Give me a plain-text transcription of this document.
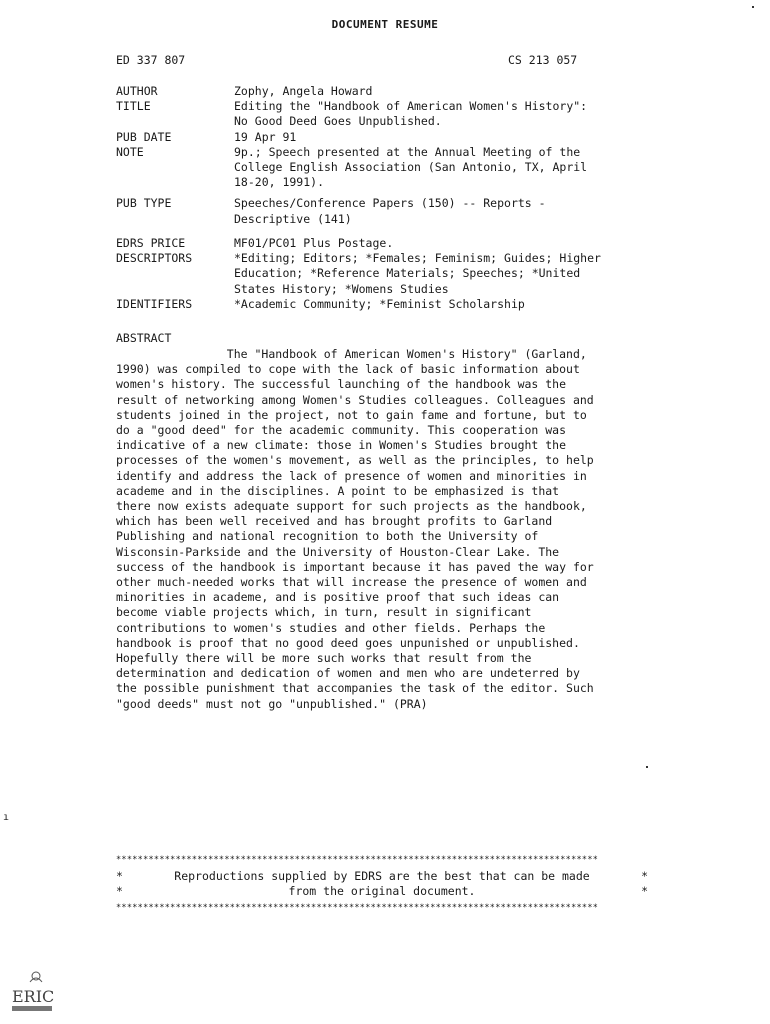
DOCUMENT RESUME
ED 337 807	CS 213 057
AUTHOR	Zophy, Angela Howard
TITLE	Editing the "Handbook of American Women's History":
No Good Deed Goes Unpublished.
PUB DATE	19 Apr 91
NOTE	9p.; Speech presented at the Annual Meeting of the
College English Association (San Antonio, TX, April
18-20, 1991).
PUB TYPE	Speeches/Conference Papers (150) -- Reports -
Descriptive (141)
EDRS PRICE	MF01/PC01 Plus Postage.
DESCRIPTORS	*Editing; Editors; *Females; Feminism; Guides; Higher
Education; *Reference Materials; Speeches; *United
States History; *Womens Studies
IDENTIFIERS	*Academic Community; *Feminist Scholarship
ABSTRACT
The "Handbook of American Women's History" (Garland,
1990) was compiled to cope with the lack of basic information about
women's history. The successful launching of the handbook was the
result of networking among Women's Studies colleagues. Colleagues and
students joined in the project, not to gain fame and fortune, but to
do a "good deed" for the academic community. This cooperation was
indicative of a new climate: those in Women's Studies brought the
processes of the women's movement, as well as the principles, to help
identify and address the lack of presence of women and minorities in
academe and in the disciplines. A point to be emphasized is that
there now exists adequate support for such projects as the handbook,
which has been well received and has brought profits to Garland
Publishing and national recognition to both the University of
Wisconsin-Parkside and the University of Houston-Clear Lake. The
success of the handbook is important because it has paved the way for
other much-needed works that will increase the presence of women and
minorities in academe, and is positive proof that such ideas can
become viable projects which, in turn, result in significant
contributions to women's studies and other fields. Perhaps the
handbook is proof that no good deed goes unpunished or unpublished.
Hopefully there will be more such works that result from the
determination and dedication of women and men who are undeterred by
the possible punishment that accompanies the task of the editor. Such
"good deeds" must not go "unpublished." (PRA)
*****************************************************************************************
*	Reproductions supplied by EDRS are the best that can be made	*
*	from the original document.	*
*****************************************************************************************
ı
ERIC
